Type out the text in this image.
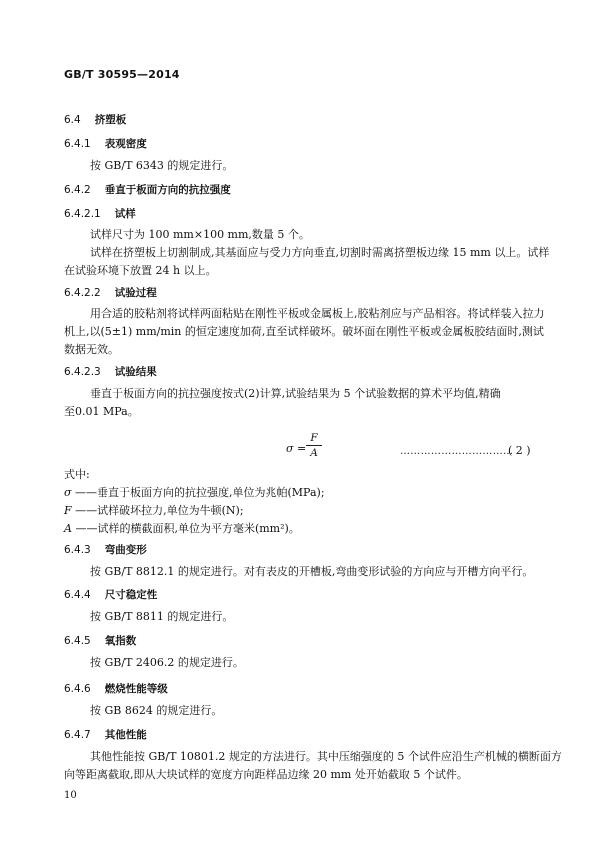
GB/T 30595—2014
6.4 挤塑板
6.4.1 表观密度
按 GB/T 6343 的规定进行。
6.4.2 垂直于板面方向的抗拉强度
6.4.2.1 试样
试样尺寸为 100 mm×100 mm,数量 5 个。
试样在挤塑板上切割制成,其基面应与受力方向垂直,切割时需离挤塑板边缘 15 mm 以上。试样
在试验环境下放置 24 h 以上。
6.4.2.2 试验过程
用合适的胶粘剂将试样两面粘贴在刚性平板或金属板上,胶粘剂应与产品相容。将试样装入拉力
机上,以(5±1) mm/min 的恒定速度加荷,直至试样破坏。破坏面在刚性平板或金属板胶结面时,测试
数据无效。
6.4.2.3 试验结果
垂直于板面方向的抗拉强度按式(2)计算,试验结果为 5 个试验数据的算术平均值,精确
至0.01 MPa。
σ =
F
A	……………………………
( 2 )
式中:
σ ——垂直于板面方向的抗拉强度,单位为兆帕(MPa);
F ——试样破坏拉力,单位为牛顿(N);
A ——试样的横截面积,单位为平方毫米(mm²)。
6.4.3 弯曲变形
按 GB/T 8812.1 的规定进行。对有表皮的开槽板,弯曲变形试验的方向应与开槽方向平行。
6.4.4 尺寸稳定性
按 GB/T 8811 的规定进行。
6.4.5 氧指数
按 GB/T 2406.2 的规定进行。
6.4.6 燃烧性能等级
按 GB 8624 的规定进行。
6.4.7 其他性能
其他性能按 GB/T 10801.2 规定的方法进行。其中压缩强度的 5 个试件应沿生产机械的横断面方
向等距离截取,即从大块试样的宽度方向距样品边缘 20 mm 处开始截取 5 个试件。
10
